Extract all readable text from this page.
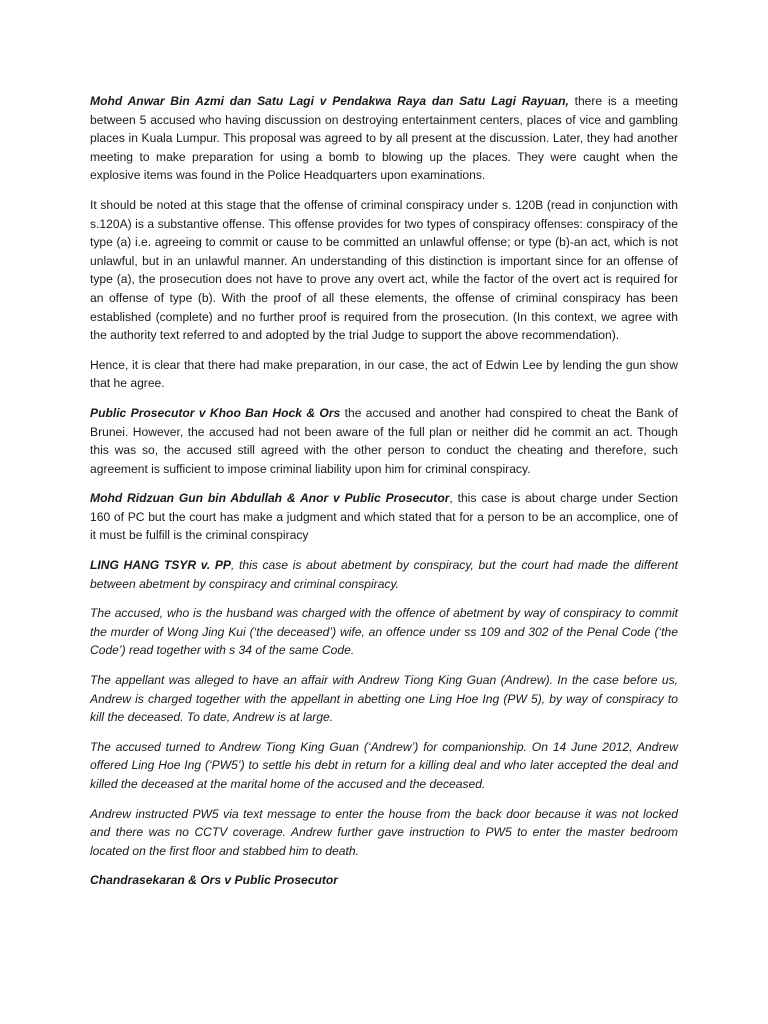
Mohd Anwar Bin Azmi dan Satu Lagi v Pendakwa Raya dan Satu Lagi Rayuan, there is a meeting between 5 accused who having discussion on destroying entertainment centers, places of vice and gambling places in Kuala Lumpur. This proposal was agreed to by all present at the discussion. Later, they had another meeting to make preparation for using a bomb to blowing up the places. They were caught when the explosive items was found in the Police Headquarters upon examinations.

It should be noted at this stage that the offense of criminal conspiracy under s. 120B (read in conjunction with s.120A) is a substantive offense. This offense provides for two types of conspiracy offenses: conspiracy of the type (a) i.e. agreeing to commit or cause to be committed an unlawful offense; or type (b)-an act, which is not unlawful, but in an unlawful manner. An understanding of this distinction is important since for an offense of type (a), the prosecution does not have to prove any overt act, while the factor of the overt act is required for an offense of type (b). With the proof of all these elements, the offense of criminal conspiracy has been established (complete) and no further proof is required from the prosecution. (In this context, we agree with the authority text referred to and adopted by the trial Judge to support the above recommendation).

Hence, it is clear that there had make preparation, in our case, the act of Edwin Lee by lending the gun show that he agree.

Public Prosecutor v Khoo Ban Hock & Ors the accused and another had conspired to cheat the Bank of Brunei. However, the accused had not been aware of the full plan or neither did he commit an act. Though this was so, the accused still agreed with the other person to conduct the cheating and therefore, such agreement is sufficient to impose criminal liability upon him for criminal conspiracy.

Mohd Ridzuan Gun bin Abdullah & Anor v Public Prosecutor, this case is about charge under Section 160 of PC but the court has make a judgment and which stated that for a person to be an accomplice, one of it must be fulfill is the criminal conspiracy

LING HANG TSYR v. PP, this case is about abetment by conspiracy, but the court had made the different between abetment by conspiracy and criminal conspiracy.

The accused, who is the husband was charged with the offence of abetment by way of conspiracy to commit the murder of Wong Jing Kui (‘the deceased’) wife, an offence under ss 109 and 302 of the Penal Code (‘the Code’) read together with s 34 of the same Code.

The appellant was alleged to have an affair with Andrew Tiong King Guan (Andrew). In the case before us, Andrew is charged together with the appellant in abetting one Ling Hoe Ing (PW 5), by way of conspiracy to kill the deceased. To date, Andrew is at large.

The accused turned to Andrew Tiong King Guan (‘Andrew’) for companionship. On 14 June 2012, Andrew offered Ling Hoe Ing (‘PW5’) to settle his debt in return for a killing deal and who later accepted the deal and killed the deceased at the marital home of the accused and the deceased.

Andrew instructed PW5 via text message to enter the house from the back door because it was not locked and there was no CCTV coverage. Andrew further gave instruction to PW5 to enter the master bedroom located on the first floor and stabbed him to death.

Chandrasekaran & Ors v Public Prosecutor
